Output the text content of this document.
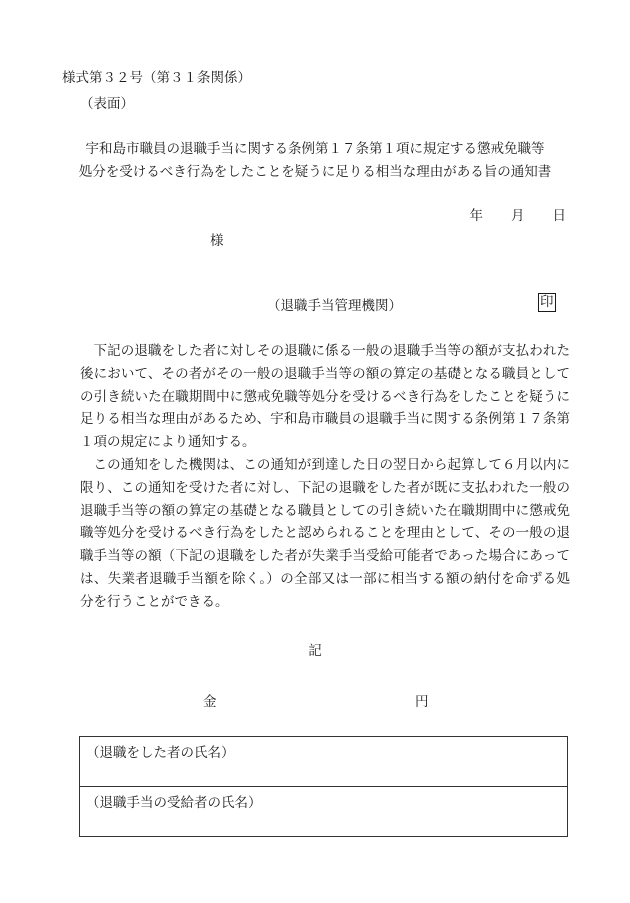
様式第３２号（第３１条関係）
（表面）
宇和島市職員の退職手当に関する条例第１７条第１項に規定する懲戒免職等
処分を受けるべき行為をしたことを疑うに足りる相当な理由がある旨の通知書
年 月 日
様
（退職手当管理機関）	印

下記の退職をした者に対しその退職に係る一般の退職手当等の額が支払われた後において、その者がその一般の退職手当等の額の算定の基礎となる職員としての引き続いた在職期間中に懲戒免職等処分を受けるべき行為をしたことを疑うに足りる相当な理由があるため、宇和島市職員の退職手当に関する条例第１７条第１項の規定により通知する。

この通知をした機関は、この通知が到達した日の翌日から起算して６月以内に限り、この通知を受けた者に対し、下記の退職をした者が既に支払われた一般の退職手当等の額の算定の基礎となる職員としての引き続いた在職期間中に懲戒免職等処分を受けるべき行為をしたと認められることを理由として、その一般の退職手当等の額（下記の退職をした者が失業手当受給可能者であった場合にあっては、失業者退職手当額を除く。）の全部又は一部に相当する額の納付を命ずる処分を行うことができる。

記
金	円
（退職をした者の氏名）
（退職手当の受給者の氏名）
